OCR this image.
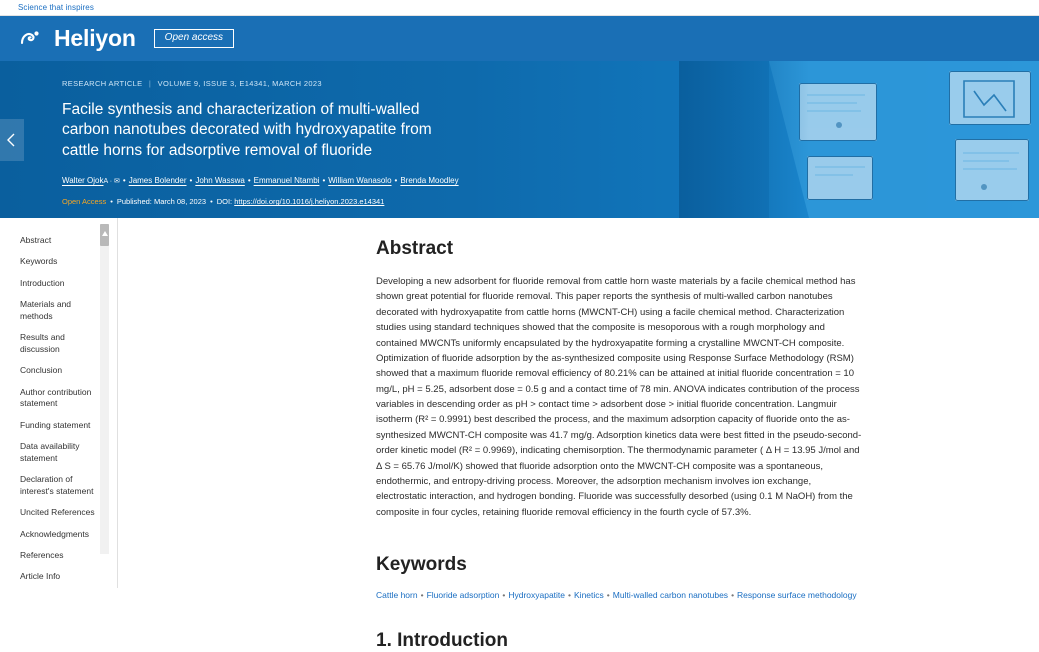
Science that inspires
Heliyon	Open access
RESEARCH ARTICLE | VOLUME 9, ISSUE 3, E14341, MARCH 2023
Facile synthesis and characterization of multi-walled carbon nanotubes decorated with hydroxyapatite from cattle horns for adsorptive removal of fluoride
Walter OjokA · ✉ • James Bolender • John Wasswa • Emmanuel Ntambi • William Wanasolo • Brenda Moodley
Open Access • Published: March 08, 2023 • DOI: https://doi.org/10.1016/j.heliyon.2023.e14341
Abstract
Keywords
Introduction
Materials and methods
Results and discussion
Conclusion
Author contribution statement
Funding statement
Data availability statement
Declaration of interest's statement
Uncited References
Acknowledgments
References
Article Info
Abstract

Developing a new adsorbent for fluoride removal from cattle horn waste materials by a facile chemical method has shown great potential for fluoride removal. This paper reports the synthesis of multi-walled carbon nanotubes decorated with hydroxyapatite from cattle horns (MWCNT-CH) using a facile chemical method. Characterization studies using standard techniques showed that the composite is mesoporous with a rough morphology and contained MWCNTs uniformly encapsulated by the hydroxyapatite forming a crystalline MWCNT-CH composite. Optimization of fluoride adsorption by the as-synthesized composite using Response Surface Methodology (RSM) showed that a maximum fluoride removal efficiency of 80.21% can be attained at initial fluoride concentration = 10 mg/L, pH = 5.25, adsorbent dose = 0.5 g and a contact time of 78 min. ANOVA indicates contribution of the process variables in descending order as pH > contact time > adsorbent dose > initial fluoride concentration. Langmuir isotherm (R² = 0.9991) best described the process, and the maximum adsorption capacity of fluoride onto the as-synthesized MWCNT-CH composite was 41.7 mg/g. Adsorption kinetics data were best fitted in the pseudo-second-order kinetic model (R² = 0.9969), indicating chemisorption. The thermodynamic parameter ( Δ H = 13.95 J/mol and Δ S = 65.76 J/mol/K) showed that fluoride adsorption onto the MWCNT-CH composite was a spontaneous, endothermic, and entropy-driving process. Moreover, the adsorption mechanism involves ion exchange, electrostatic interaction, and hydrogen bonding. Fluoride was successfully desorbed (using 0.1 M NaOH) from the composite in four cycles, retaining fluoride removal efficiency in the fourth cycle of 57.3%.

Keywords
Cattle horn • Fluoride adsorption • Hydroxyapatite • Kinetics • Multi-walled carbon nanotubes • Response surface methodology
1. Introduction
